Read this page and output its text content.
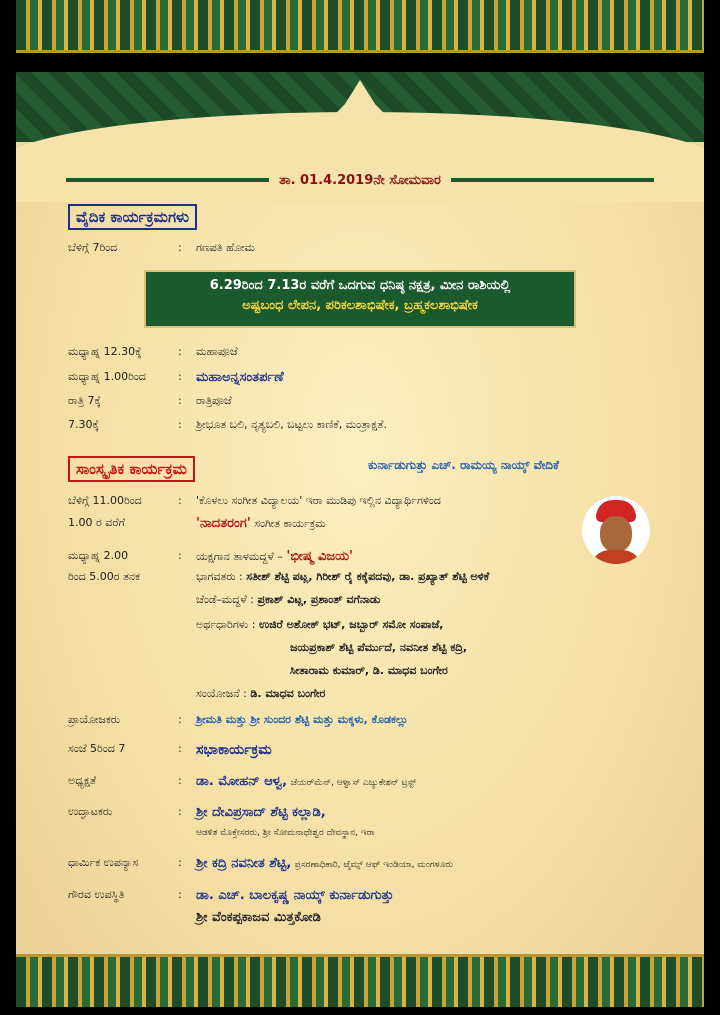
ತಾ. 01.4.2019ನೇ ಸೋಮವಾರ
ವೈದಿಕ ಕಾರ್ಯಕ್ರಮಗಳು
ಬೆಳಿಗ್ಗೆ 7ರಿಂದ	:	ಗಣಪತಿ ಹೋಮ
6.29ರಿಂದ 7.13ರ ವರೆಗೆ ಒದಗುವ ಧನಿಷ್ಠ ನಕ್ಷತ್ರ, ಮೀನ ರಾಶಿಯಲ್ಲಿ
ಅಷ್ಟಬಂಧ ಲೇಪನ, ಪರಿಕಲಶಾಭಿಷೇಕ, ಬ್ರಹ್ಮಕಲಶಾಭಿಷೇಕ
ಮಧ್ಯಾಹ್ನ 12.30ಕ್ಕೆ	:	ಮಹಾಪೂಜೆ
ಮಧ್ಯಾಹ್ನ 1.00ರಿಂದ	:	ಮಹಾಅನ್ನಸಂತರ್ಪಣೆ
ರಾತ್ರಿ 7ಕ್ಕೆ	:	ರಾತ್ರಿಪೂಜೆ
7.30ಕ್ಕೆ	:	ಶ್ರೀಭೂತ ಬಲಿ, ನೃತ್ಯಬಲಿ, ಬಟ್ಟಲು ಕಾಣಿಕೆ, ಮಂತ್ರಾಕ್ಷತೆ.
ಸಾಂಸ್ಕೃತಿಕ ಕಾರ್ಯಕ್ರಮ	ಕುರ್ನಾಡುಗುತ್ತು ಎಚ್. ರಾಮಯ್ಯ ನಾಯ್ಕ್ ವೇದಿಕೆ
ಬೆಳಿಗ್ಗೆ 11.00ರಿಂದ	:	'ಕೊಳಲು ಸಂಗೀತ ವಿದ್ಯಾಲಯ' ಇರಾ ಮುಡಿಪು ಇಲ್ಲಿನ ವಿದ್ಯಾರ್ಥಿಗಳಿಂದ
1.00 ರ ವರೆಗೆ	'ನಾದತರಂಗ' ಸಂಗೀತ ಕಾರ್ಯಕ್ರಮ
ಮಧ್ಯಾಹ್ನ 2.00	:	ಯಕ್ಷಗಾನ ತಾಳಮದ್ದಳೆ – 'ಭೀಷ್ಮ ವಿಜಯ'
ರಿಂದ 5.00ರ ತನಕ	ಭಾಗವತರು : ಸತೀಶ್ ಶೆಟ್ಟಿ ಪಟ್ಲ, ಗಿರೀಶ್ ರೈ ಕಕ್ಕೆಪದವು, ಡಾ. ಪ್ರಖ್ಯಾತ್ ಶೆಟ್ಟಿ ಅಳಿಕೆ
ಚೆಂಡೆ–ಮದ್ದಳೆ : ಪ್ರಕಾಶ್ ವಿಟ್ಲ, ಪ್ರಶಾಂತ್ ವಗೆನಾಡು
ಅರ್ಥಧಾರಿಗಳು : ಉಜಿರೆ ಅಶೋಕ್ ಭಟ್, ಜಬ್ಬಾರ್ ಸಮೋ ಸಂಪಾಜೆ,
ಜಯಪ್ರಕಾಶ್ ಶೆಟ್ಟಿ ಪೆರ್ಮುದೆ, ನವನೀತ ಶೆಟ್ಟಿ ಕದ್ರಿ,
ಸೀತಾರಾಮ ಕುಮಾರ್, ಡಿ. ಮಾಧವ ಬಂಗೇರ
ಸಂಯೋಜನೆ : ಡಿ. ಮಾಧವ ಬಂಗೇರ
ಪ್ರಾಯೋಜಕರು	:	ಶ್ರೀಮತಿ ಮತ್ತು ಶ್ರೀ ಸುಂದರ ಶೆಟ್ಟಿ ಮತ್ತು ಮಕ್ಕಳು, ಕೊಡಕಲ್ಲು
ಸಂಜೆ 5ರಿಂದ 7	:	ಸಭಾಕಾರ್ಯಕ್ರಮ
ಅಧ್ಯಕ್ಷತೆ	:	ಡಾ. ಮೋಹನ್ ಆಳ್ವ, ಚೆಯರ್‌ಮೆನ್, ಆಳ್ವಾಸ್ ಎಜ್ಯುಕೇಶನ್ ಟ್ರಸ್ಟ್
ಉದ್ಘಾಟಕರು	:	ಶ್ರೀ ದೇವಿಪ್ರಸಾದ್ ಶೆಟ್ಟಿ ಕಲ್ಲಾಡಿ,
ಆಡಳಿತ ಮೊಕ್ತೇಸರರು, ಶ್ರೀ ಸೋಮನಾಥೇಶ್ವರ ದೇವಸ್ಥಾನ, ಇರಾ
ಧಾರ್ಮಿಕ ಉಪನ್ಯಾಸ	:	ಶ್ರೀ ಕದ್ರಿ ನವನೀತ ಶೆಟ್ಟಿ, ಪ್ರಸರಣಾಧಿಕಾರಿ, ಟೈಮ್ಸ್ ಆಫ್ ಇಂಡಿಯಾ, ಮಂಗಳೂರು
ಗೌರವ ಉಪಸ್ಥಿತಿ	:	ಡಾ. ಎಚ್. ಬಾಲಕೃಷ್ಣ ನಾಯ್ಕ್ ಕುರ್ನಾಡುಗುತ್ತು
ಶ್ರೀ ವೆಂಕಪ್ಪಕಾಜವ ಮಿತ್ತಕೋಡಿ
